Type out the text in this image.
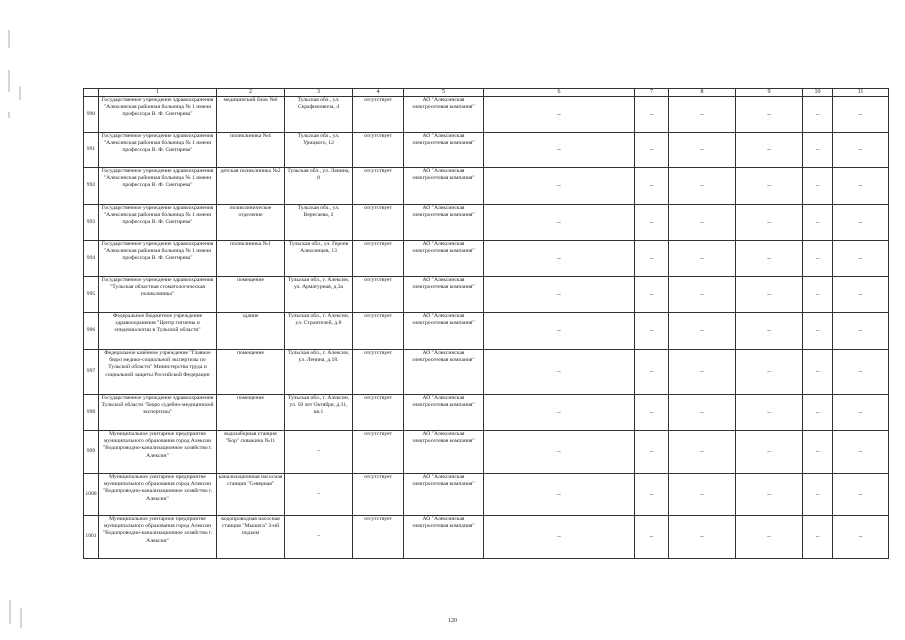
	1	2	3	4	5	6	7	8	9	10	11
990	Государственное учреждение здравоохранения "Алексинская районная больница № 1 имени профессора В. Ф. Снегирева"	медицинский блок №6	Тульская обл., ул. Серафимовича, 4	отсутствует	АО "Алексинская электросетевая компания"	–	–	–	–	–	–
991	Государственное учреждение здравоохранения "Алексинская районная больница № 1 имени профессора В. Ф. Снегирева"	поликлиника №4	Тульская обл., ул. Урицкого, 12	отсутствует	АО "Алексинская электросетевая компания"	–	–	–	–	–	–
992	Государственное учреждение здравоохранения "Алексинская районная больница № 1 имени профессора В. Ф. Снегирева"	детская поликлиника №2	Тульская обл., ул. Ленина, 8	отсутствует	АО "Алексинская электросетевая компания"	–	–	–	–	–	–
993	Государственное учреждение здравоохранения "Алексинская районная больница № 1 имени профессора В. Ф. Снегирева"	поликлиническое отделение	Тульская обл., ул. Вересаева, 2	отсутствует	АО "Алексинская электросетевая компания"	–	–	–	–	–	–
994	Государственное учреждение здравоохранения "Алексинская районная больница № 1 имени профессора В. Ф. Снегирева"	поликлиника №1	Тульская обл., ул. Героев Алексинцев, 13	отсутствует	АО "Алексинская электросетевая компания"	–	–	–	–	–	–
995	Государственное учреждение здравоохранения "Тульская областная стоматологическая поликлиника"	помещение	Тульская обл., г. Алексин, ул. Арматурная, д.3а	отсутствует	АО "Алексинская электросетевая компания"	–	–	–	–	–	–
996	Федеральное бюджетное учреждение здравоохранения "Центр гигиены и эпидемиологии в Тульской области"	здание	Тульская обл., г. Алексин, ул. Строителей, д.8	отсутствует	АО "Алексинская электросетевая компания"	–	–	–	–	–	–
997	Федеральное казённое учреждение "Главное бюро медико-социальной экспертизы по Тульской области" Министерства труда и социальной защиты Российской Федерации	помещение	Тульская обл., г. Алексин, ул. Ленина, д.18.	отсутствует	АО "Алексинская электросетевая компания"	–	–	–	–	–	–
998	Государственное учреждение здравоохранения Тульской области "Бюро судебно-медицинской экспертизы"	помещение	Тульская обл., г. Алексин, ул. 50 лет Октября, д.31, кв.1	отсутствует	АО "Алексинская электросетевая компания"	–	–	–	–	–	–
999	Муниципальное унитарное предприятие муниципального образования город Алексин "Водопроводно-канализационное хозяйство г. Алексин"	водозаборная станция "Бор" скважина №11	–	отсутствует	АО "Алексинская электросетевая компания"	–	–	–	–	–	–
1000	Муниципальное унитарное предприятие муниципального образования город Алексин "Водопроводно-канализационное хозяйство г. Алексин"	канализационная насосная станция "Северная"	–	отсутствует	АО "Алексинская электросетевая компания"	–	–	–	–	–	–
1001	Муниципальное унитарное предприятие муниципального образования город Алексин "Водопроводно-канализационное хозяйство г. Алексин"	водопроводная насосная станция "Мышега" 3-ий подъем	–	отсутствует	АО "Алексинская электросетевая компания"	–	–	–	–	–	–
120
